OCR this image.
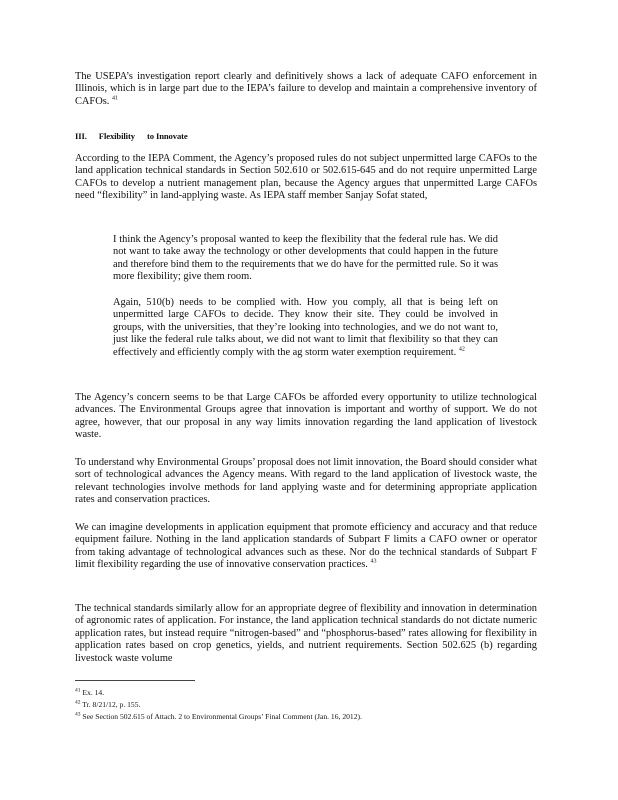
The USEPA’s investigation report clearly and definitively shows a lack of adequate CAFO enforcement in Illinois, which is in large part due to the IEPA’s failure to develop and maintain a comprehensive inventory of CAFOs. $^{41}$

III. Flexibility to Innovate

According to the IEPA Comment, the Agency’s proposed rules do not subject unpermitted large CAFOs to the land application technical standards in Section 502.610 or 502.615-645 and do not require unpermitted Large CAFOs to develop a nutrient management plan, because the Agency argues that unpermitted Large CAFOs need “flexibility” in land-applying waste. As IEPA staff member Sanjay Sofat stated,

I think the Agency’s proposal wanted to keep the flexibility that the federal rule has. We did not want to take away the technology or other developments that could happen in the future and therefore bind them to the requirements that we do have for the permitted rule. So it was more flexibility; give them room.

Again, 510(b) needs to be complied with. How you comply, all that is being left on unpermitted large CAFOs to decide. They know their site. They could be involved in groups, with the universities, that they’re looking into technologies, and we do not want to, just like the federal rule talks about, we did not want to limit that flexibility so that they can effectively and efficiently comply with the ag storm water exemption requirement. $^{42}$

The Agency’s concern seems to be that Large CAFOs be afforded every opportunity to utilize technological advances. The Environmental Groups agree that innovation is important and worthy of support. We do not agree, however, that our proposal in any way limits innovation regarding the land application of livestock waste.

To understand why Environmental Groups’ proposal does not limit innovation, the Board should consider what sort of technological advances the Agency means. With regard to the land application of livestock waste, the relevant technologies involve methods for land applying waste and for determining appropriate application rates and conservation practices.

We can imagine developments in application equipment that promote efficiency and accuracy and that reduce equipment failure. Nothing in the land application standards of Subpart F limits a CAFO owner or operator from taking advantage of technological advances such as these. Nor do the technical standards of Subpart F limit flexibility regarding the use of innovative conservation practices. $^{43}$

The technical standards similarly allow for an appropriate degree of flexibility and innovation in determination of agronomic rates of application. For instance, the land application technical standards do not dictate numeric application rates, but instead require “nitrogen-based” and “phosphorus-based” rates allowing for flexibility in application rates based on crop genetics, yields, and nutrient requirements. Section 502.625 (b) regarding livestock waste volume

$^{41}$ Ex. 14.
$^{42}$ Tr. 8/21/12, p. 155.
$^{43}$ See Section 502.615 of Attach. 2 to Environmental Groups’ Final Comment (Jan. 16, 2012).
